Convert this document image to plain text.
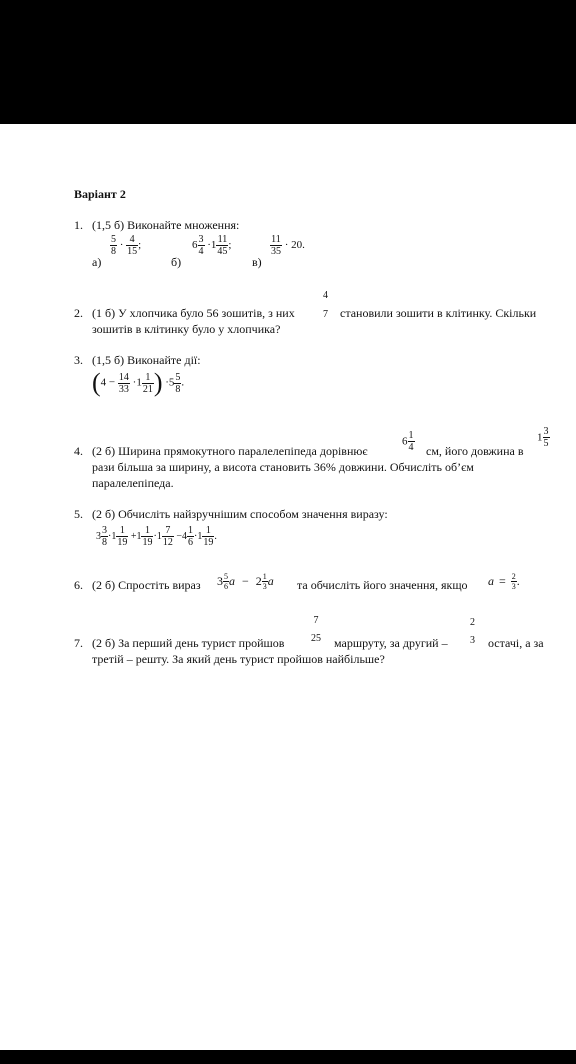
Варіант 2
1. (1,5 б) Виконайте множення:
а)
$\frac{5}{8} \cdot \frac{4}{15}$ ;
б)
$6 \frac{3}{4} \cdot 1 \frac{11}{45}$ ;
в)
$\frac{11}{35} \cdot 20$.
2. (1 б) У хлопчика було 56 зошитів, з них
4
7 становили зошити в клітинку. Скільки
зошитів в клітинку було у хлопчика?
3. (1,5 б) Виконайте дії:
($4 - \frac{14}{33} \cdot 1 \frac{1}{21}$ ) $\cdot 5 \frac{5}{8}$ .
4. (2 б) Ширина прямокутного паралелепіпеда дорівнює
$6 \frac{1}{4}$ см, його довжина в
$1 \frac{3}{5}$
рази більша за ширину, а висота становить 36% довжини. Обчисліть об’єм
паралелепіпеда.
5. (2 б) Обчисліть найзручнішим способом значення виразу:
$3 \frac{3}{8} \cdot 1 \frac{1}{19} +1 \frac{1}{19} \cdot 1 \frac{7}{12} -4 \frac{1}{6} \cdot 1 \frac{1}{19}$ .
6. (2 б) Спростіть вираз $3 \frac{5}{6}$ $a - 2 \frac{1}{3}$ a та обчисліть його значення, якщо $a = \frac{2}{3}$ .
7. (2 б) За перший день турист пройшов
7
25 маршруту, за другий –
2
3 остачі, а за
третій – решту. За який день турист пройшов найбільше?
